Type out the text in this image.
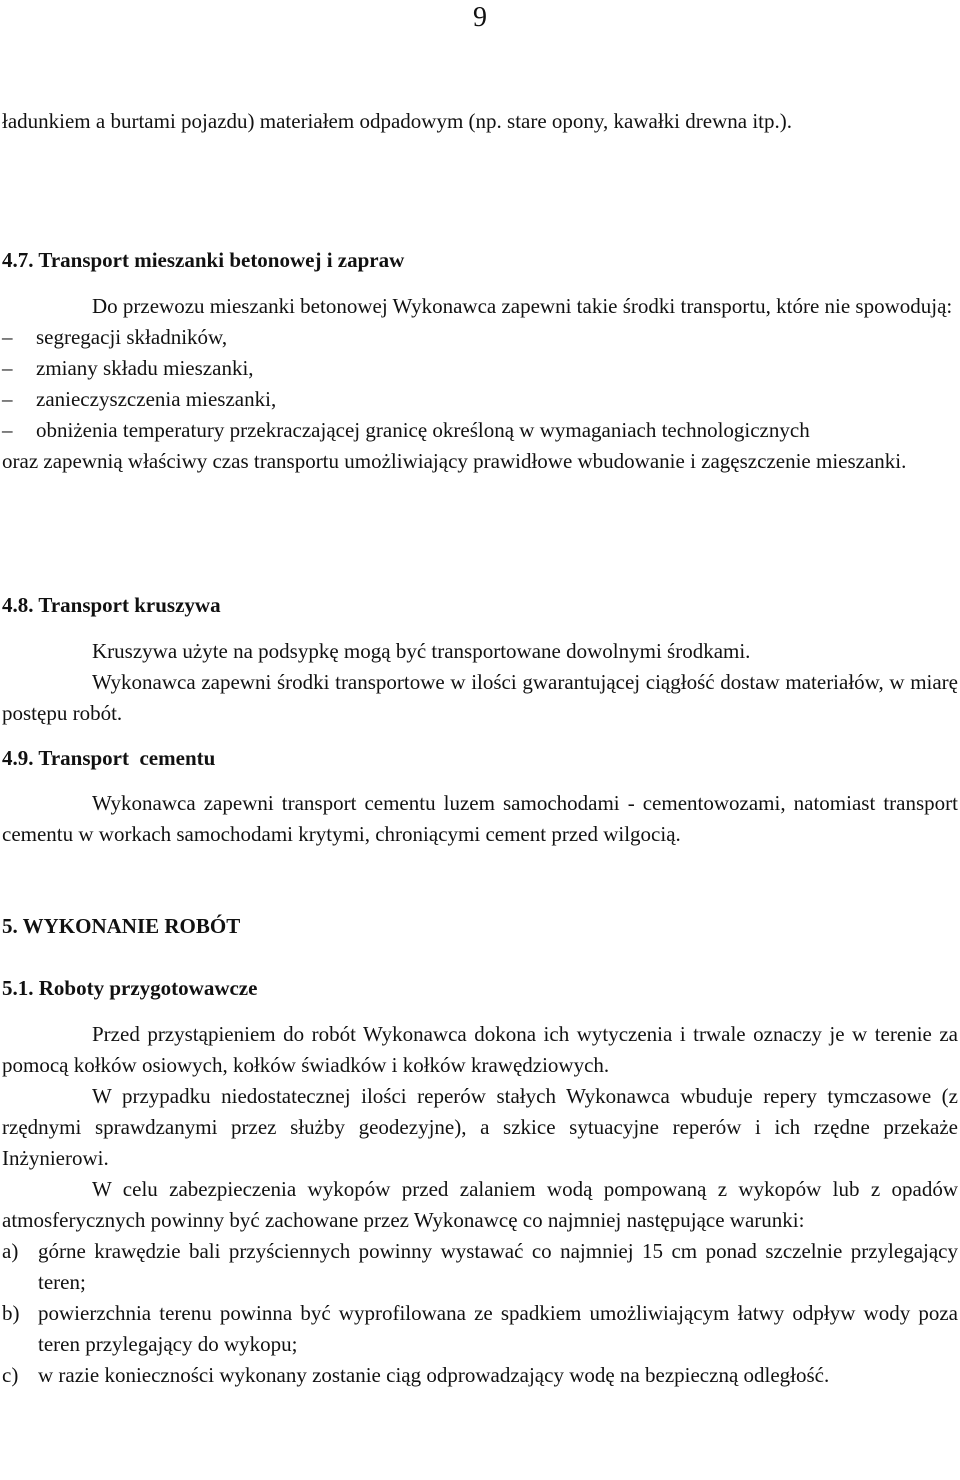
9

ładunkiem a burtami pojazdu) materiałem odpadowym (np. stare opony, kawałki drewna itp.).

4.7. Transport mieszanki betonowej i zapraw

Do przewozu mieszanki betonowej Wykonawca zapewni takie środki transportu, które nie spowodują:

–	segregacji składników,
–	zmiany składu mieszanki,
–	zanieczyszczenia mieszanki,
–	obniżenia temperatury przekraczającej granicę określoną w wymaganiach technologicznych

oraz zapewnią właściwy czas transportu umożliwiający prawidłowe wbudowanie i zagęszczenie mieszanki.

4.8. Transport kruszywa

Kruszywa użyte na podsypkę mogą być transportowane dowolnymi środkami.

Wykonawca zapewni środki transportowe w ilości gwarantującej ciągłość dostaw materiałów, w miarę postępu robót.

4.9. Transport  cementu

Wykonawca zapewni transport cementu luzem samochodami - cementowozami, natomiast transport cementu w workach samochodami krytymi, chroniącymi cement przed wilgocią.

5. WYKONANIE ROBÓT
5.1. Roboty przygotowawcze

Przed przystąpieniem do robót Wykonawca dokona ich wytyczenia i trwale oznaczy je w terenie za pomocą kołków osiowych, kołków świadków i kołków krawędziowych.

W przypadku niedostatecznej ilości reperów stałych Wykonawca wbuduje repery tymczasowe (z rzędnymi sprawdzanymi przez służby geodezyjne), a szkice sytuacyjne reperów i ich rzędne przekaże Inżynierowi.

W celu zabezpieczenia wykopów przed zalaniem wodą pompowaną z wykopów lub z opadów atmosferycznych powinny być zachowane przez Wykonawcę co najmniej następujące warunki:

a) górne krawędzie bali przyściennych powinny wystawać co najmniej 15 cm ponad szczelnie przylegający teren;
b) powierzchnia terenu powinna być wyprofilowana ze spadkiem umożliwiającym łatwy odpływ wody poza teren przylegający do wykopu;
c) w razie konieczności wykonany zostanie ciąg odprowadzający wodę na bezpieczną odległość.
